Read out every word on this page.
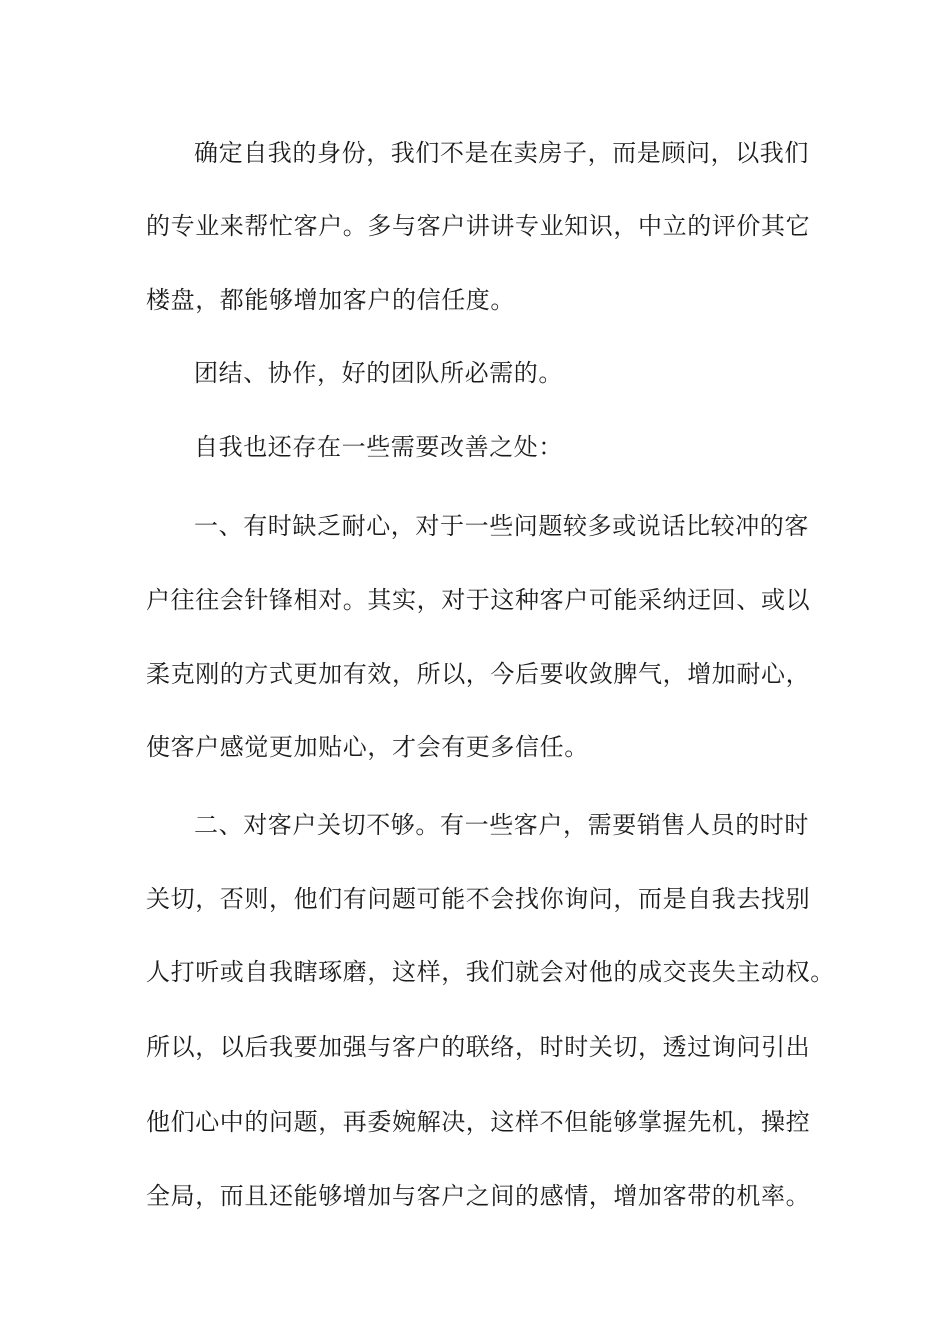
确定自我的身份，我们不是在卖房子，而是顾问，以我们
的专业来帮忙客户。多与客户讲讲专业知识，中立的评价其它
楼盘，都能够增加客户的信任度。
团结、协作，好的团队所必需的。
自我也还存在一些需要改善之处：
一、有时缺乏耐心，对于一些问题较多或说话比较冲的客
户往往会针锋相对。其实，对于这种客户可能采纳迂回、或以
柔克刚的方式更加有效，所以，今后要收敛脾气，增加耐心，
使客户感觉更加贴心，才会有更多信任。
二、对客户关切不够。有一些客户，需要销售人员的时时
关切，否则，他们有问题可能不会找你询问，而是自我去找别
人打听或自我瞎琢磨，这样，我们就会对他的成交丧失主动权。
所以，以后我要加强与客户的联络，时时关切，透过询问引出
他们心中的问题，再委婉解决，这样不但能够掌握先机，操控
全局，而且还能够增加与客户之间的感情，增加客带的机率。
